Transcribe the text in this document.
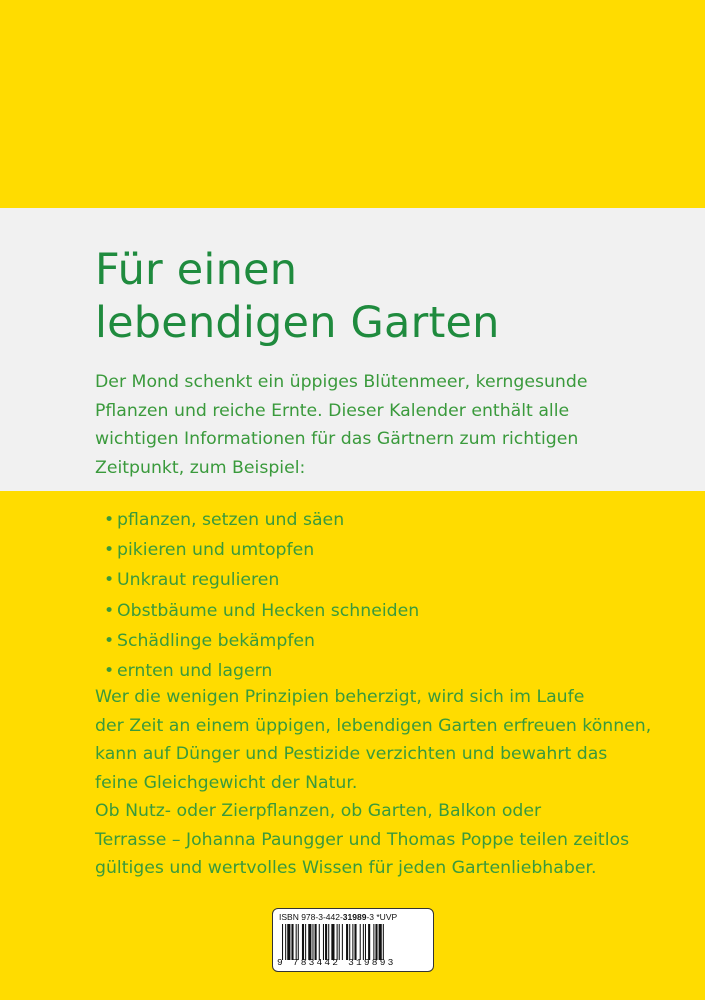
Für einen
lebendigen Garten

Der Mond schenkt ein üppiges Blütenmeer, kerngesunde
Pflanzen und reiche Ernte. Dieser Kalender enthält alle
wichtigen Informationen für das Gärtnern zum richtigen
Zeitpunkt, zum Beispiel:

• pflanzen, setzen und säen
• pikieren und umtopfen
• Unkraut regulieren
• Obstbäume und Hecken schneiden
• Schädlinge bekämpfen
• ernten und lagern

Wer die wenigen Prinzipien beherzigt, wird sich im Laufe
der Zeit an einem üppigen, lebendigen Garten erfreuen können,
kann auf Dünger und Pestizide verzichten und bewahrt das
feine Gleichgewicht der Natur.
Ob Nutz- oder Zierpflanzen, ob Garten, Balkon oder
Terrasse – Johanna Paungger und Thomas Poppe teilen zeitlos
gültiges und wertvolles Wissen für jeden Gartenliebhaber.

ISBN 978-3-442-31989-3 *UVP
9 783442 319893
